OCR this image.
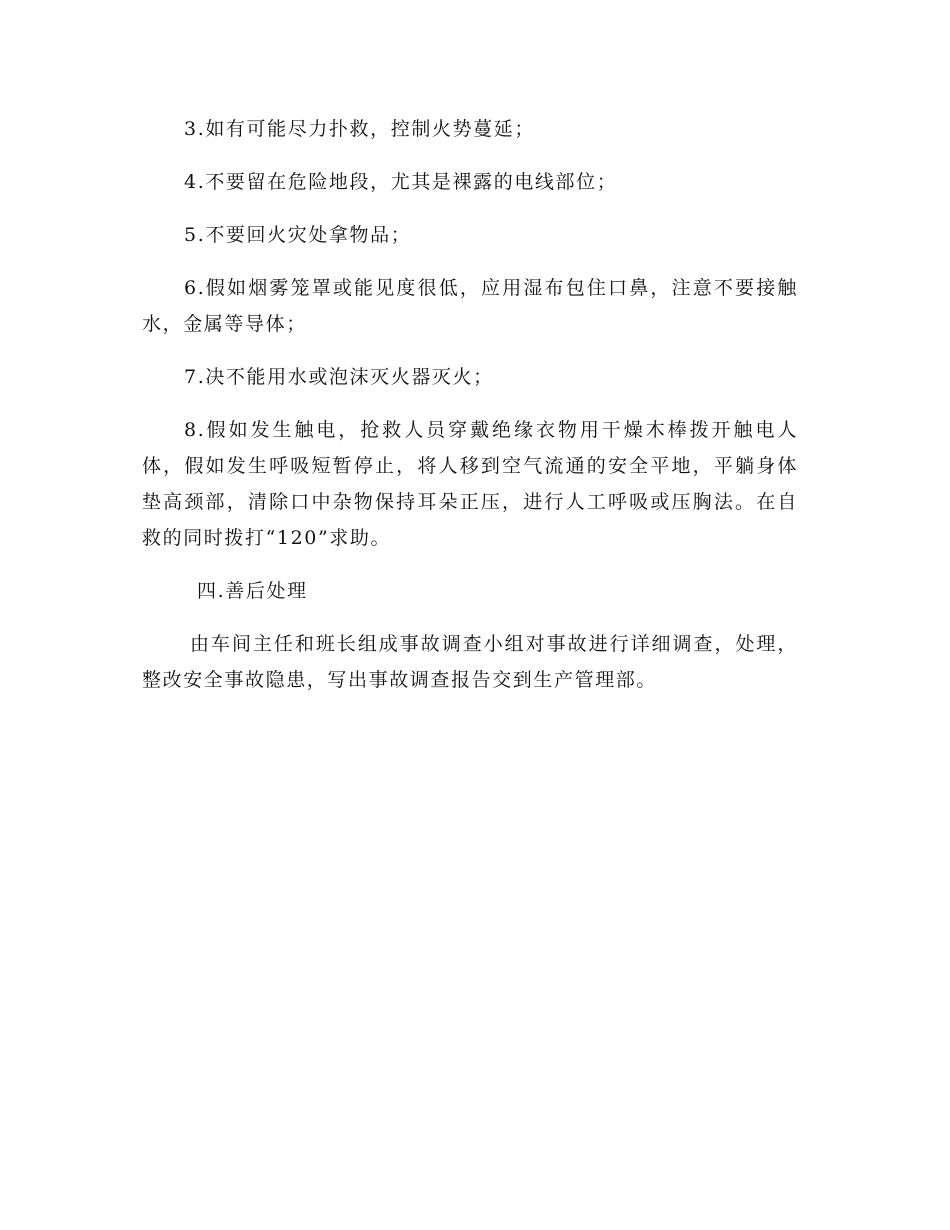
3.如有可能尽力扑救，控制火势蔓延；

4.不要留在危险地段，尤其是裸露的电线部位；

5.不要回火灾处拿物品；

6.假如烟雾笼罩或能见度很低，应用湿布包住口鼻，注意不要接触水，金属等导体；

7.决不能用水或泡沫灭火器灭火；

8.假如发生触电，抢救人员穿戴绝缘衣物用干燥木棒拨开触电人体，假如发生呼吸短暂停止，将人移到空气流通的安全平地，平躺身体垫高颈部，清除口中杂物保持耳朵正压，进行人工呼吸或压胸法。在自救的同时拨打“120”求助。

四.善后处理

由车间主任和班长组成事故调查小组对事故进行详细调查，处理，整改安全事故隐患，写出事故调查报告交到生产管理部。
